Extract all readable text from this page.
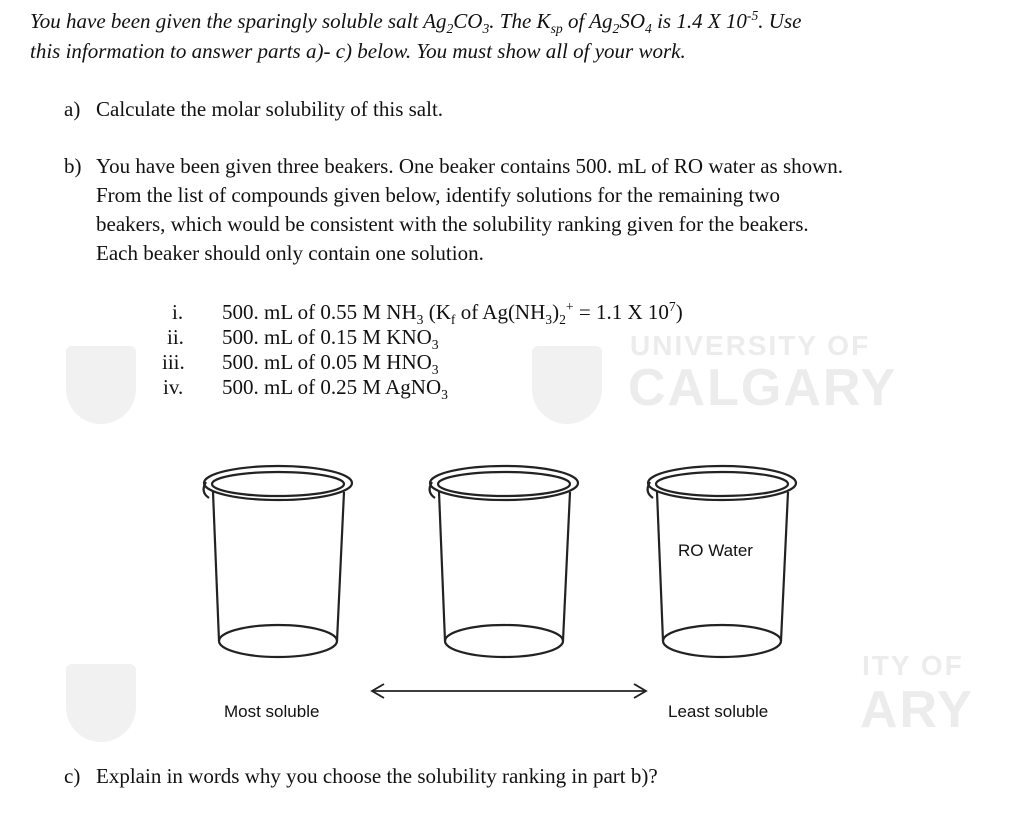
UNIVERSITY OF
CALGARY
ITY OF
ARY
You have been given the sparingly soluble salt $Ag_2CO_3$. The $K_{sp}$ of $Ag_2SO_4$ is 1.4 X $10^{-5}$. Use
this information to answer parts a)- c) below. You must show all of your work.
a) Calculate the molar solubility of this salt.
b) You have been given three beakers. One beaker contains 500. mL of RO water as shown.
From the list of compounds given below, identify solutions for the remaining two
beakers, which would be consistent with the solubility ranking given for the beakers.
Each beaker should only contain one solution.
i. 500. mL of 0.55 M $NH_3$ ($K_f$ of $Ag(NH_3)_2^+ = 1.1$ X $10^7$)
ii. 500. mL of 0.15 M $KNO_3$
iii. 500. mL of 0.05 M $HNO_3$
iv. 500. mL of 0.25 M AgNO$_3$
RO Water
Most soluble	Least soluble
c) Explain in words why you choose the solubility ranking in part b)?
